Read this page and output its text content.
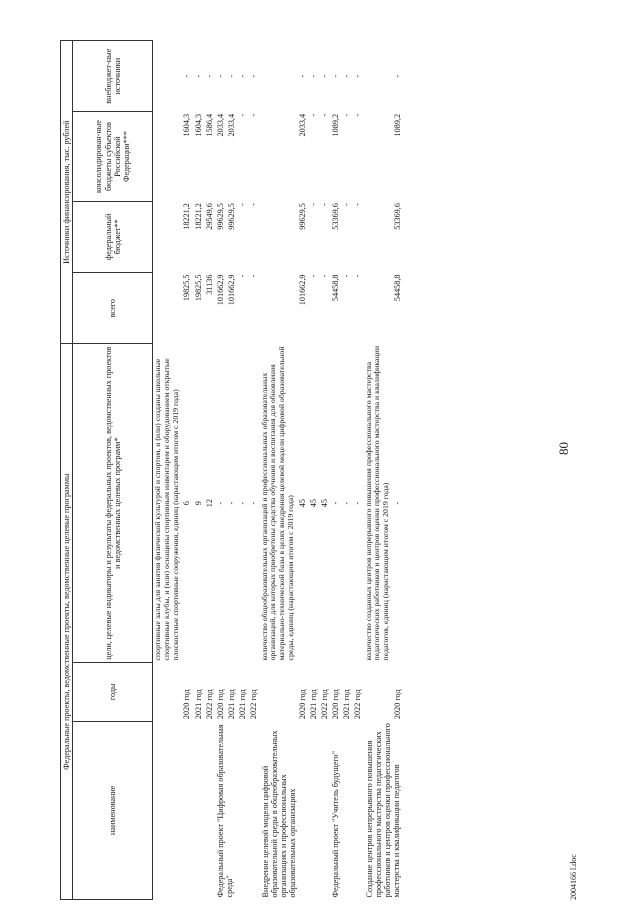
80
2004166 l.doc
Федеральные проекты, ведомственные проекты, ведомственные целевые программы			Источники финансирования, тыс. рублей			
наименование	годы	цели, целевые индикаторы и результаты федеральных проектов, ведомственных проектов и ведомственных целевых программ*	всего	федеральный бюджет**	консолидирован-ные бюджеты субъектов Российской Федерации***	внебюджет-ные источники
		спортивные залы для занятия физической культурой и спортом, и (или) созданы школьные спортивные клубы, и (или) оснащены спортивным инвентарем и оборудованием открытые плоскостные спортивные сооружения, единиц (нарастающим итогом с 2019 года)				
	2020 год	6	19825,5	18221,2	1604,3	-
	2021 год	9	19825,5	18221,2	1604,3	-
	2022 год	12	31136	29549,6	1586,4	-
Федеральный проект "Цифровая образовательная среда"	2020 год	-	101662,9	99629,5	2033,4	-
	2021 год	-	101662,9	99629,5	2033,4	-
	2021 год	-	-	-	-	-
	2022 год	-	-	-	-	-
Внедрение целевой модели цифровой образовательной среды в общеобразовательных организациях и профессиональных образовательных организациях		количество общеобразовательных организаций и профессиональных образовательных организаций, для которых приобретены средства обучения и воспитания для обновления материально-технической базы в целях внедрения целевой модели цифровой образовательной среды, единиц (нарастающим итогом с 2019 года)				
	2020 год	45	101662,9	99629,5	2033,4	-
	2021 год	45	-	-	-	-
	2022 год	45	-	-	-	-
Федеральный проект "Учитель будущего"	2020 год	-	54458,8	53369,6	1089,2	-
	2021 год	-	-	-	-	-
	2022 год	-	-	-	-	-
Создание центров непрерывного повышения профессионального мастерства педагогических работников и центров оценки профессионального мастерства и квалификации педагогов		количество созданных центров непрерывного повышения профессионального мастерства педагогических работников и центров оценки профессионального мастерства и квалификации педагогов, единиц (нарастающим итогом с 2019 года)				
	2020 год	-	54458,8	53369,6	1089,2	-
